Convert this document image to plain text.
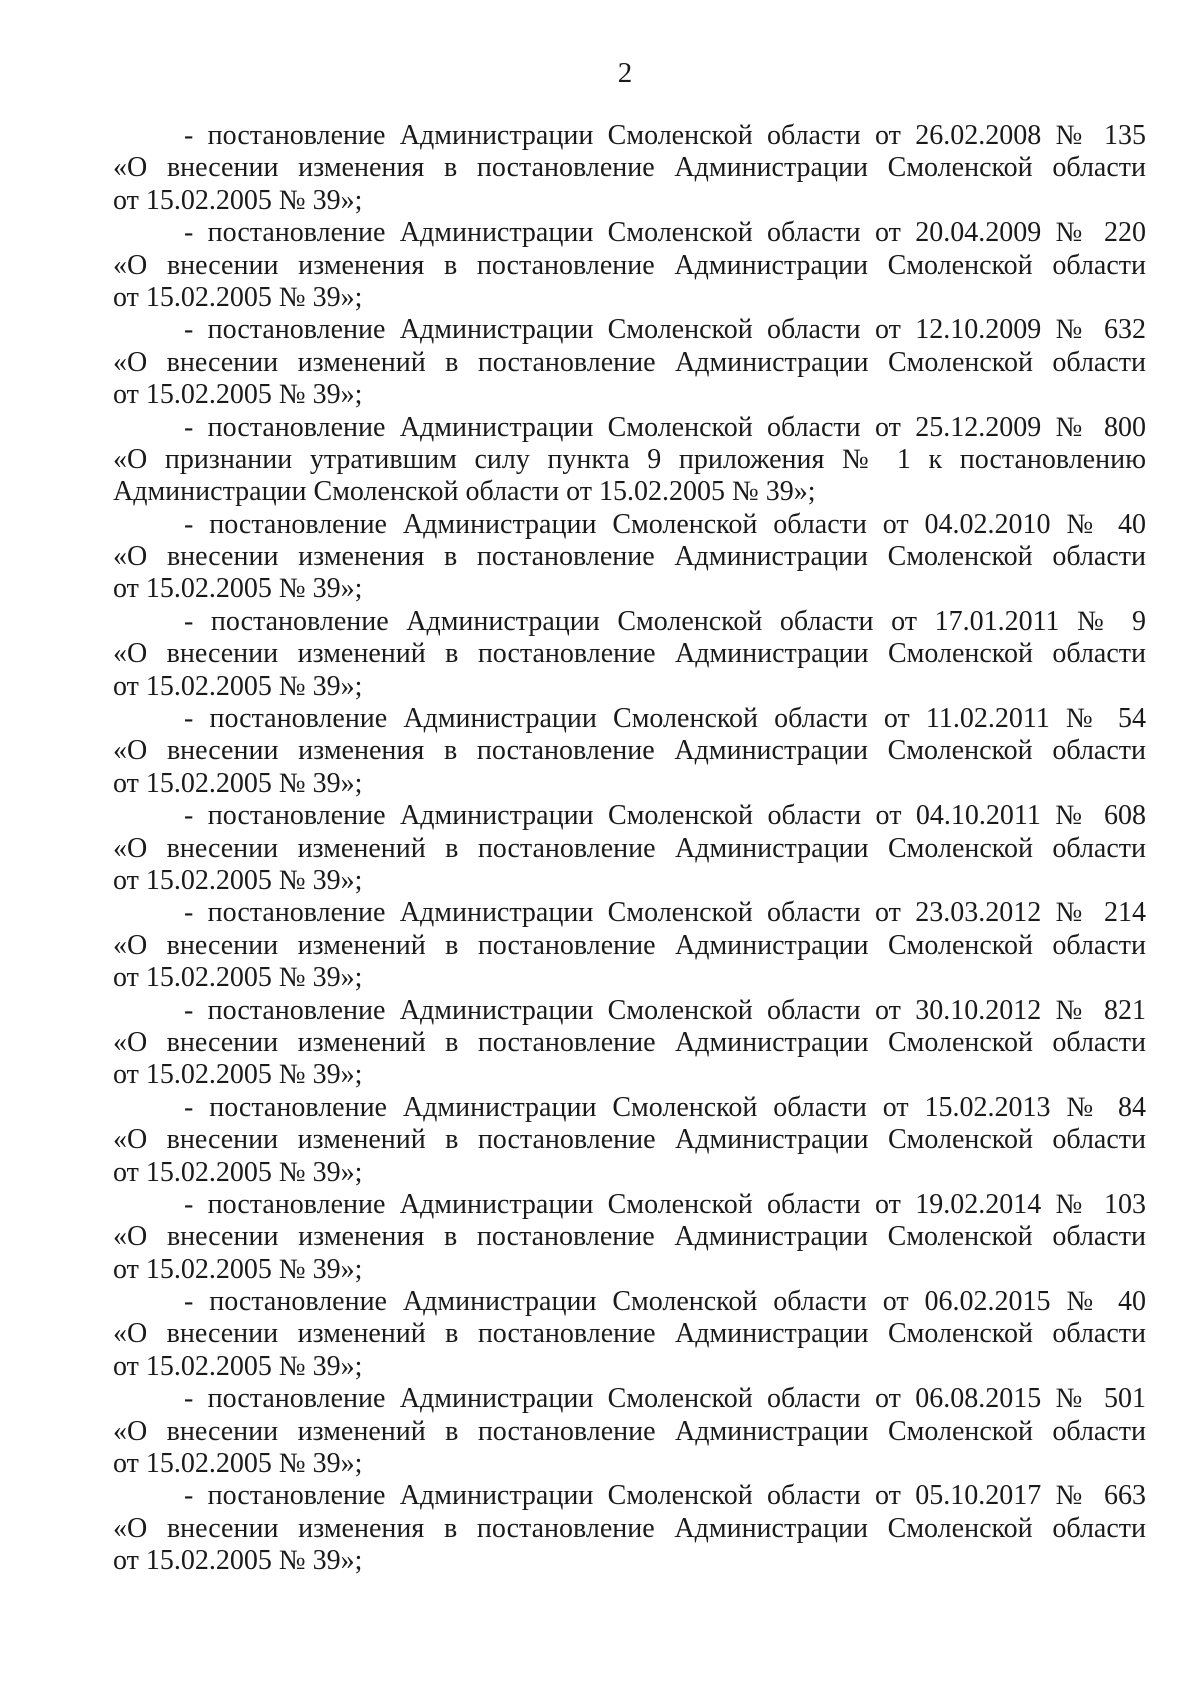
2
- постановление Администрации Смоленской области от 26.02.2008 № 135
«О внесении изменения в постановление Администрации Смоленской области
от 15.02.2005 № 39»;
- постановление Администрации Смоленской области от 20.04.2009 № 220
«О внесении изменения в постановление Администрации Смоленской области
от 15.02.2005 № 39»;
- постановление Администрации Смоленской области от 12.10.2009 № 632
«О внесении изменений в постановление Администрации Смоленской области
от 15.02.2005 № 39»;
- постановление Администрации Смоленской области от 25.12.2009 № 800
«О признании утратившим силу пункта 9 приложения № 1 к постановлению
Администрации Смоленской области от 15.02.2005 № 39»;
- постановление Администрации Смоленской области от 04.02.2010 № 40
«О внесении изменения в постановление Администрации Смоленской области
от 15.02.2005 № 39»;
- постановление Администрации Смоленской области от 17.01.2011 № 9
«О внесении изменений в постановление Администрации Смоленской области
от 15.02.2005 № 39»;
- постановление Администрации Смоленской области от 11.02.2011 № 54
«О внесении изменения в постановление Администрации Смоленской области
от 15.02.2005 № 39»;
- постановление Администрации Смоленской области от 04.10.2011 № 608
«О внесении изменений в постановление Администрации Смоленской области
от 15.02.2005 № 39»;
- постановление Администрации Смоленской области от 23.03.2012 № 214
«О внесении изменений в постановление Администрации Смоленской области
от 15.02.2005 № 39»;
- постановление Администрации Смоленской области от 30.10.2012 № 821
«О внесении изменений в постановление Администрации Смоленской области
от 15.02.2005 № 39»;
- постановление Администрации Смоленской области от 15.02.2013 № 84
«О внесении изменений в постановление Администрации Смоленской области
от 15.02.2005 № 39»;
- постановление Администрации Смоленской области от 19.02.2014 № 103
«О внесении изменения в постановление Администрации Смоленской области
от 15.02.2005 № 39»;
- постановление Администрации Смоленской области от 06.02.2015 № 40
«О внесении изменений в постановление Администрации Смоленской области
от 15.02.2005 № 39»;
- постановление Администрации Смоленской области от 06.08.2015 № 501
«О внесении изменений в постановление Администрации Смоленской области
от 15.02.2005 № 39»;
- постановление Администрации Смоленской области от 05.10.2017 № 663
«О внесении изменения в постановление Администрации Смоленской области
от 15.02.2005 № 39»;
